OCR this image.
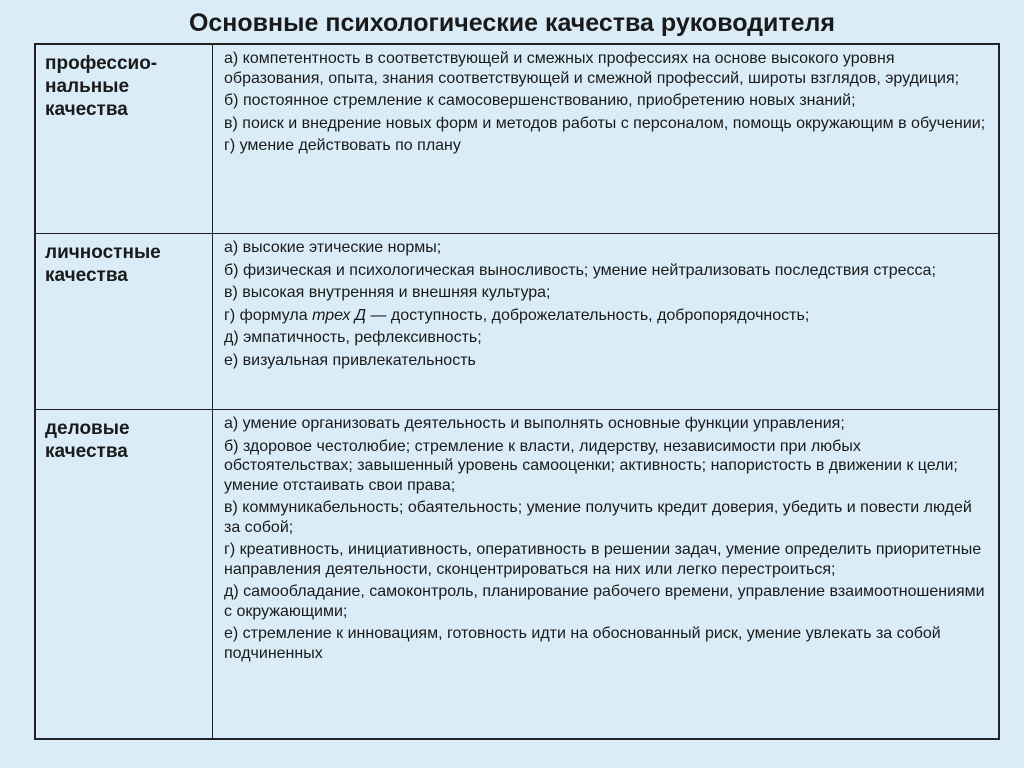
Основные психологические качества руководителя
профессио-
нальные
качества
а) компетентность в соответствующей и смежных профессиях на основе высокого уровня образования, опыта, знания соответствующей и смежной профессий, широты взглядов, эрудиция;
б) постоянное стремление к самосовершенствованию, приобретению новых знаний;
в) поиск и внедрение новых форм и методов работы с персоналом, помощь окружающим в обучении;
г) умение действовать по плану
личностные
качества
а) высокие этические нормы;
б) физическая и психологическая выносливость; умение нейтрализовать последствия стресса;
в) высокая внутренняя и внешняя культура;
г) формула трех Д — доступность, доброжелательность, добропорядочность;
д) эмпатичность, рефлексивность;
е) визуальная привлекательность
деловые
качества
а) умение организовать деятельность и выполнять основные функции управления;
б) здоровое честолюбие; стремление к власти, лидерству, независимости при любых обстоятельствах; завышенный уровень самооценки; активность; напористость в движении к цели; умение отстаивать свои права;
в) коммуникабельность; обаятельность; умение получить кредит доверия, убедить и повести людей за собой;
г) креативность, инициативность, оперативность в решении задач, умение определить приоритетные направления деятельности, сконцентрироваться на них или легко перестроиться;
д) самообладание, самоконтроль, планирование рабочего времени, управление взаимоотношениями с окружающими;
е) стремление к инновациям, готовность идти на обоснованный риск, умение увлекать за собой подчиненных
